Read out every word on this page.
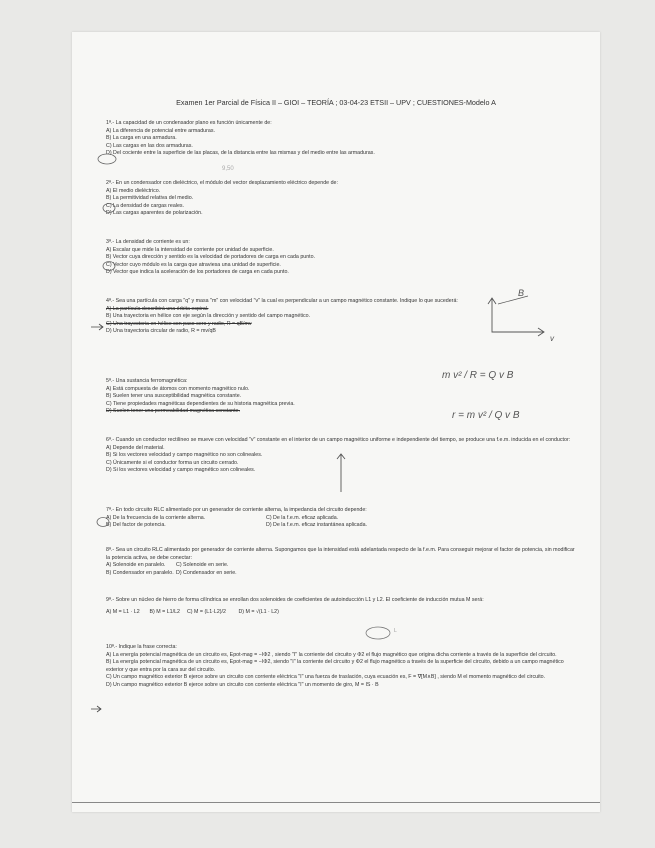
Examen 1er Parcial de Física II – GIOI – TEORÍA ; 03-04-23 ETSII – UPV ; CUESTIONES-Modelo A

1ª.- La capacidad de un condensador plano es función únicamente de:

A) La diferencia de potencial entre armaduras.

B) La carga en una armadura.

C) Las cargas en las dos armaduras.

D) Del cociente entre la superficie de las placas, de la distancia entre las mismas y del medio entre las armaduras.

2ª.- En un condensador con dieléctrico, el módulo del vector desplazamiento eléctrico depende de:

A) El medio dieléctrico.

B) La permitividad relativa del medio.

C) La densidad de cargas reales.

D) Las cargas aparentes de polarización.

3ª.- La densidad de corriente es un:

A) Escalar que mide la intensidad de corriente por unidad de superficie.

B) Vector cuya dirección y sentido es la velocidad de portadores de carga en cada punto.

C) Vector cuyo módulo es la carga que atraviesa una unidad de superficie.

D) Vector que indica la aceleración de los portadores de carga en cada punto.

4ª.- Sea una partícula con carga "q" y masa "m" con velocidad "v" la cual es perpendicular a un campo magnético constante. Indique lo que sucederá:

A) La partícula describirá una órbita espiral.

B) Una trayectoria en hélice con eje según la dirección y sentido del campo magnético.

C) Una trayectoria en hélice con paso cero y radio, R = qB/mv

D) Una trayectoria circular de radio, R = mv/qB

5ª.- Una sustancia ferromagnética:

A) Está compuesta de átomos con momento magnético nulo.

B) Suelen tener una susceptibilidad magnética constante.

C) Tiene propiedades magnéticas dependientes de su historia magnética previa.

D) Suelen tener una permeabilidad magnética constante.

6ª.- Cuando un conductor rectilíneo se mueve con velocidad "v" constante en el interior de un campo magnético uniforme e independiente del tiempo, se produce una f.e.m. inducida en el conductor:

A) Depende del material.

B) Si los vectores velocidad y campo magnético no son colineales.

C) Únicamente si el conductor forma un circuito cerrado.

D) Si los vectores velocidad y campo magnético son colineales.

7ª.- En todo circuito RLC alimentado por un generador de corriente alterna, la impedancia del circuito depende:

A) De la frecuencia de la corriente alterna.	C) De la f.e.m. eficaz aplicada.

B) Del factor de potencia.	D) De la f.e.m. eficaz instantánea aplicada.

8ª.- Sea un circuito RLC alimentado por generador de corriente alterna. Supongamos que la intensidad está adelantada respecto de la f.e.m. Para conseguir mejorar el factor de potencia, sin modificar la potencia activa, se debe conectar:

A) Solenoide en paralelo. C) Solenoide en serie.

B) Condensador en paralelo. D) Condensador en serie.

9ª.- Sobre un núcleo de hierro de forma cilíndrica se enrollan dos solenoides de coeficientes de autoinducción L1 y L2. El coeficiente de inducción mutua M será:

A) M = L1 · L2 B) M = L1/L2 C) M = (L1·L2)/2 D) M = √(L1 · L2)

10ª.- Indique la frase correcta:

A) La energía potencial magnética de un circuito es, Epot-mag = −IΦ2 , siendo "I" la corriente del circuito y Φ2 el flujo magnético que origina dicha corriente a través de la superficie del circuito.

B) La energía potencial magnética de un circuito es, Epot-mag = −IΦ2, siendo "I" la corriente del circuito y Φ2 el flujo magnético a través de la superficie del circuito, debido a un campo magnético exterior y que entra por la cara sur del circuito.

C) Un campo magnético exterior B ejerce sobre un circuito con corriente eléctrica "I" una fuerza de traslación, cuya ecuación es, F = ∇[M∧B] , siendo M el momento magnético del circuito.

D) Un campo magnético exterior B ejerce sobre un circuito con corriente eléctrica "I" un momento de giro, M = IS · B

9,50
B
v
m v² / R = Q v B
r = m v² / Q v B
L
